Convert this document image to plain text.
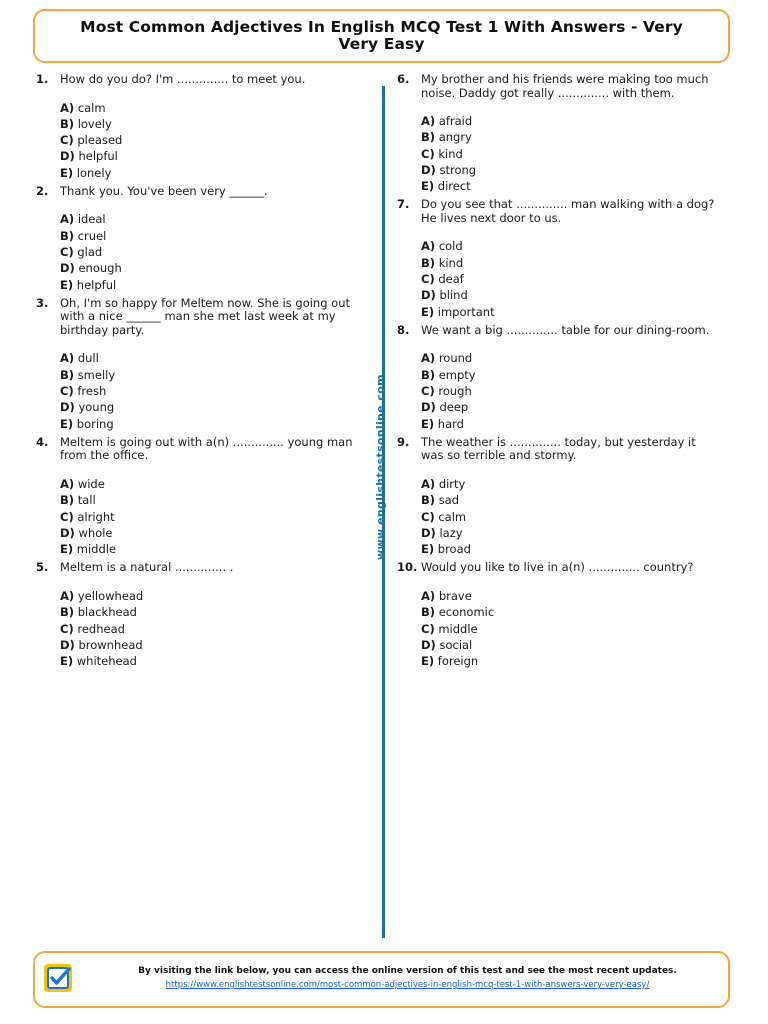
Most Common Adjectives In English MCQ Test 1 With Answers - Very Very Easy
1.	How do you do? I'm .............. to meet you.
A) calm
B) lovely
C) pleased
D) helpful
E) lonely
2.	Thank you. You've been very ______.
A) ideal
B) cruel
C) glad
D) enough
E) helpful
3.	Oh, I'm so happy for Meltem now. She is going out with a nice ______ man she met last week at my birthday party.
A) dull
B) smelly
C) fresh
D) young
E) boring
4.	Meltem is going out with a(n) .............. young man from the office.
A) wide
B) tall
C) alright
D) whole
E) middle
5.	Meltem is a natural .............. .
A) yellowhead
B) blackhead
C) redhead
D) brownhead
E) whitehead
www.englishtestsonline.com
6.	My brother and his friends were making too much noise. Daddy got really .............. with them.
A) afraid
B) angry
C) kind
D) strong
E) direct
7.	Do you see that .............. man walking with a dog? He lives next door to us.
A) cold
B) kind
C) deaf
D) blind
E) important
8.	We want a big .............. table for our dining-room.
A) round
B) empty
C) rough
D) deep
E) hard
9.	The weather is .............. today, but yesterday it was so terrible and stormy.
A) dirty
B) sad
C) calm
D) lazy
E) broad
10. Would you like to live in a(n) .............. country?
A) brave
B) economic
C) middle
D) social
E) foreign
By visiting the link below, you can access the online version of this test and see the most recent updates.
https://www.englishtestsonline.com/most-common-adjectives-in-english-mcq-test-1-with-answers-very-very-easy/
